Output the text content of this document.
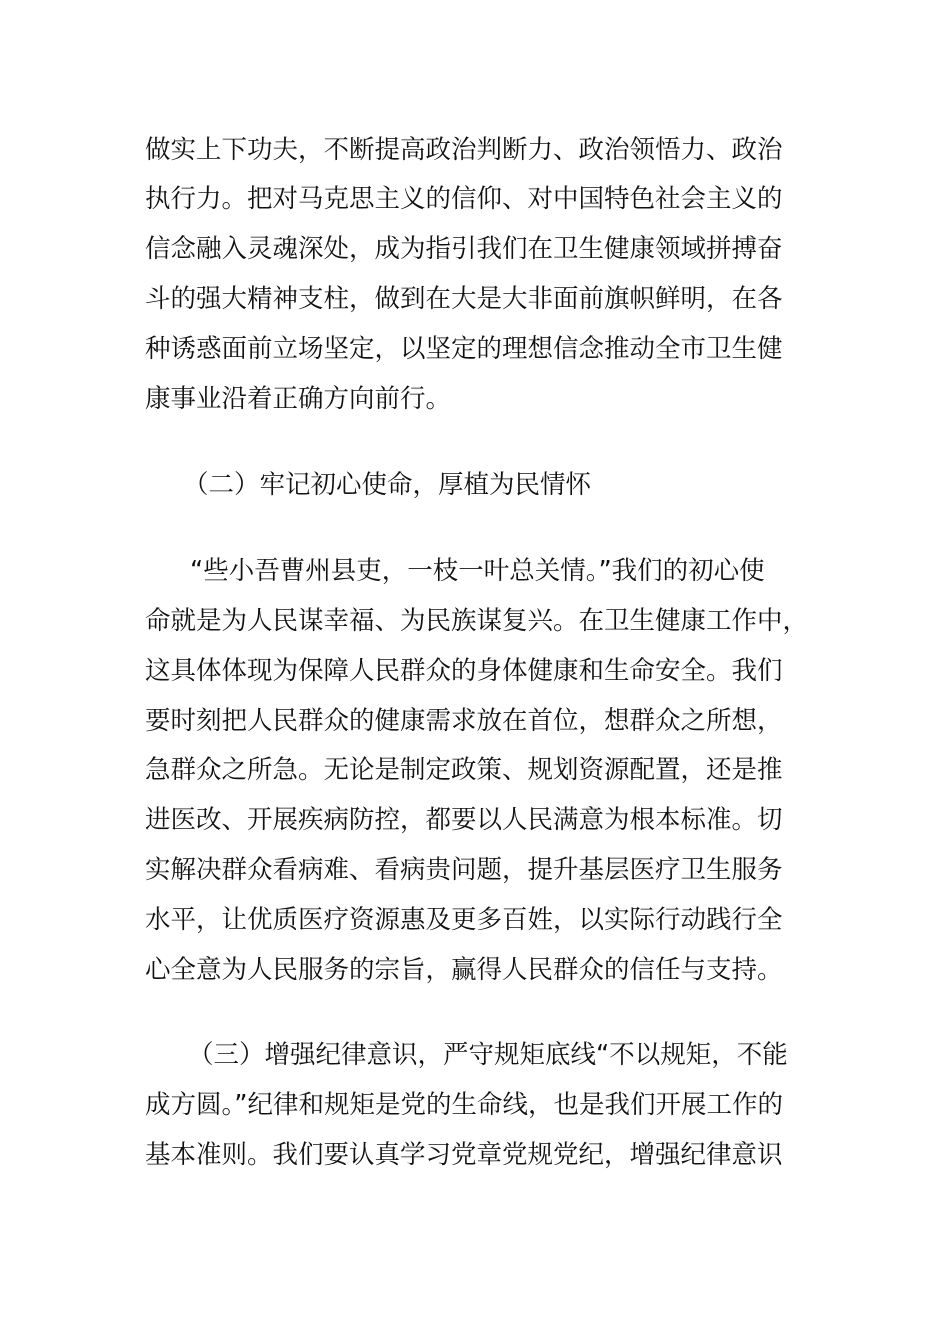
做实上下功夫，不断提高政治判断力、政治领悟力、政治
执行力。把对马克思主义的信仰、对中国特色社会主义的
信念融入灵魂深处，成为指引我们在卫生健康领域拼搏奋
斗的强大精神支柱，做到在大是大非面前旗帜鲜明，在各
种诱惑面前立场坚定，以坚定的理想信念推动全市卫生健
康事业沿着正确方向前行。
（二）牢记初心使命，厚植为民情怀
“些小吾曹州县吏，一枝一叶总关情。”我们的初心使
命就是为人民谋幸福、为民族谋复兴。在卫生健康工作中，
这具体体现为保障人民群众的身体健康和生命安全。我们
要时刻把人民群众的健康需求放在首位，想群众之所想，
急群众之所急。无论是制定政策、规划资源配置，还是推
进医改、开展疾病防控，都要以人民满意为根本标准。切
实解决群众看病难、看病贵问题，提升基层医疗卫生服务
水平，让优质医疗资源惠及更多百姓，以实际行动践行全
心全意为人民服务的宗旨，赢得人民群众的信任与支持。
（三）增强纪律意识，严守规矩底线“不以规矩，不能
成方圆。”纪律和规矩是党的生命线，也是我们开展工作的
基本准则。我们要认真学习党章党规党纪，增强纪律意识
